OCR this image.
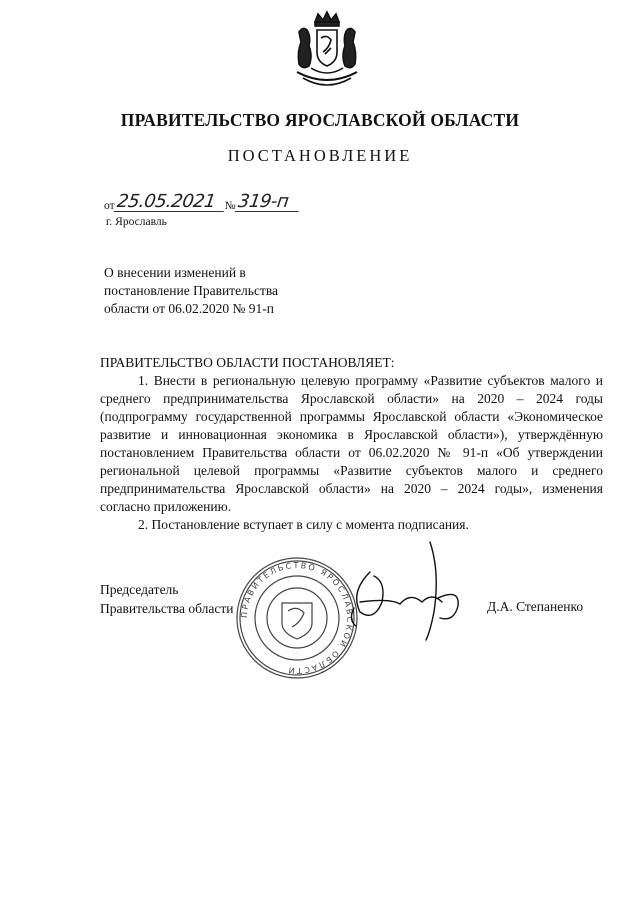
ПРАВИТЕЛЬСТВО ЯРОСЛАВСКОЙ ОБЛАСТИ
ПОСТАНОВЛЕНИЕ
от 25.05.2021 № 319-п
г. Ярославль
О внесении изменений в
постановление Правительства
области от 06.02.2020 № 91-п
ПРАВИТЕЛЬСТВО ОБЛАСТИ ПОСТАНОВЛЯЕТ:

1. Внести в региональную целевую программу «Развитие субъектов малого и среднего предпринимательства Ярославской области» на 2020 – 2024 годы (подпрограмму государственной программы Ярославской области «Экономическое развитие и инновационная экономика в Ярославской области»), утверждённую постановлением Правительства области от 06.02.2020 № 91-п «Об утверждении региональной целевой программы «Развитие субъектов малого и среднего предпринимательства Ярославской области» на 2020 – 2024 годы», изменения согласно приложению.

2. Постановление вступает в силу с момента подписания.

ПРАВИТЕЛЬСТВО ЯРОСЛАВСКОЙ ОБЛАСТИ
Председатель
Правительства области	Д.А. Степаненко
